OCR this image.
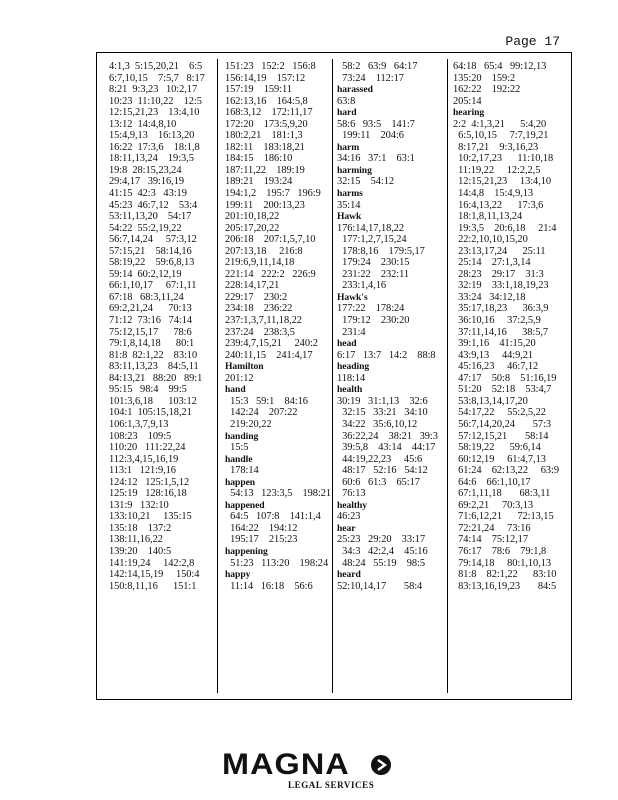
Page 17
4:1,3  5:15,20,21    6:5
6:7,10,15    7:5,7   8:17
8:21  9:3,23   10:2,17
10:23  11:10,22    12:5
12:15,21,23    13:4,10
13:12  14:4,8,10
15:4,9,13    16:13,20
16:22  17:3,6    18:1,8
18:11,13,24    19:3,5
19:8  28:15,23,24
29:4,17   39:16,19
41:15  42:3   43:19
45:23  46:7,12    53:4
53:11,13,20    54:17
54:22  55:2,19,22
56:7,14,24     57:3,12
57:15,21    58:14,16
58:19,22    59:6,8,13
59:14  60:2,12,19
66:1,10,17     67:1,11
67:18   68:3,11,24
69:2,21,24      70:13
71:12  73:16   74:14
75:12,15,17      78:6
79:1,8,14,18      80:1
81:8  82:1,22    83:10
83:11,13,23    84:5,11
84:13,21   88:20   89:1
95:15   98:4    99:5
101:3,6,18      103:12
104:1  105:15,18,21
106:1,3,7,9,13
108:23    109:5
110:20   111:22,24
112:3,4,15,16,19
113:1   121:9,16
124:12   125:1,5,12
125:19   128:16,18
131:9   132:10
133:10,21     135:15
135:18    137:2
138:11,16,22
139:20    140:5
141:19,24     142:2,8
142:14,15,19     150:4
150:8,11,16      151:1
151:23   152:2   156:8
156:14,19    157:12
157:19    159:11
162:13,16    164:5,8
168:3,12    172:11,17
172:20    173:5,9,20
180:2,21    181:1,3
182:11    183:18,21
184:15    186:10
187:11,22    189:19
189:21    193:24
194:1,2    195:7   196:9
199:11    200:13,23
201:10,18,22
205:17,20,22
206:18    207:1,5,7,10
207:13,18     216:8
219:6,9,11,14,18
221:14   222:2   226:9
228:14,17,21
229:17    230:2
234:18    236:22
237:1,3,7,11,18,22
237:24    238:3,5
239:4,7,15,21     240:2
240:11,15    241:4,17
Hamilton
201:12
hand
15:3   59:1    84:16
142:24    207:22
219:20,22
handing
15:5
handle
178:14
happen
54:13   123:3,5    198:21
happened
64:5   107:8    141:1,4
164:22    194:12
195:17    215:23
happening
51:23   113:20    198:24
happy
11:14   16:18    56:6
58:2   63:9   64:17
73:24    112:17
harassed
63:8
hard
58:6   93:5    141:7
199:11    204:6
harm
34:16   37:1    63:1
harming
32:15    54:12
harms
35:14
Hawk
176:14,17,18,22
177:1,2,7,15,24
178:8,16    179:5,17
179:24    230:15
231:22    232:11
233:1,4,16
Hawk's
177:22    178:24
179:12    230:20
231:4
head
6:17   13:7   14:2    88:8
heading
118:14
health
30:19   31:1,13    32:6
32:15   33:21   34:10
34:22   35:6,10,12
36:22,24    38:21   39:3
39:5,8    43:14    44:17
44:19,22,23     45:6
48:17   52:16   54:12
60:6   61:3    65:17
76:13
healthy
46:23
hear
25:23   29:20    33:17
34:3   42:2,4    45:16
48:24   55:19    98:5
heard
52:10,14,17       58:4
64:18   65:4   99:12,13
135:20    159:2
162:22    192:22
205:14
hearing
2:2  4:1,3,21      5:4,20
6:5,10,15     7:7,19,21
8:17,21    9:3,16,23
10:2,17,23      11:10,18
11:19,22     12:2,2,5
12:15,21,23     13:4,10
14:4,8    15:4,9,13
16:4,13,22      17:3,6
18:1,8,11,13,24
19:3,5    20:6,18     21:4
22:2,10,10,15,20
23:13,17,24      25:11
25:14    27:1,3,14
28:23    29:17    31:3
32:19    33:1,18,19,23
33:24   34:12,18
35:17,18,23      36:3,9
36:10,16     37:2,5,9
37:11,14,16      38:5,7
39:1,16    41:15,20
43:9,13     44:9,21
45:16,23     46:7,12
47:17    50:8    51:16,19
51:20    52:18    53:4,7
53:8,13,14,17,20
54:17,22     55:2,5,22
56:7,14,20,24       57:3
57:12,15,21       58:14
58:19,22      59:6,14
60:12,19     61:4,7,13
61:24    62:13,22     63:9
64:6    66:1,10,17
67:1,11,18       68:3,11
69:2,21     70:3,13
71:6,12,21      72:13,15
72:21,24     73:16
74:14    75:12,17
76:17    78:6    79:1,8
79:14,18     80:1,10,13
81:8    82:1,22      83:10
83:13,16,19,23       84:5
MAGNA
LEGAL SERVICES
